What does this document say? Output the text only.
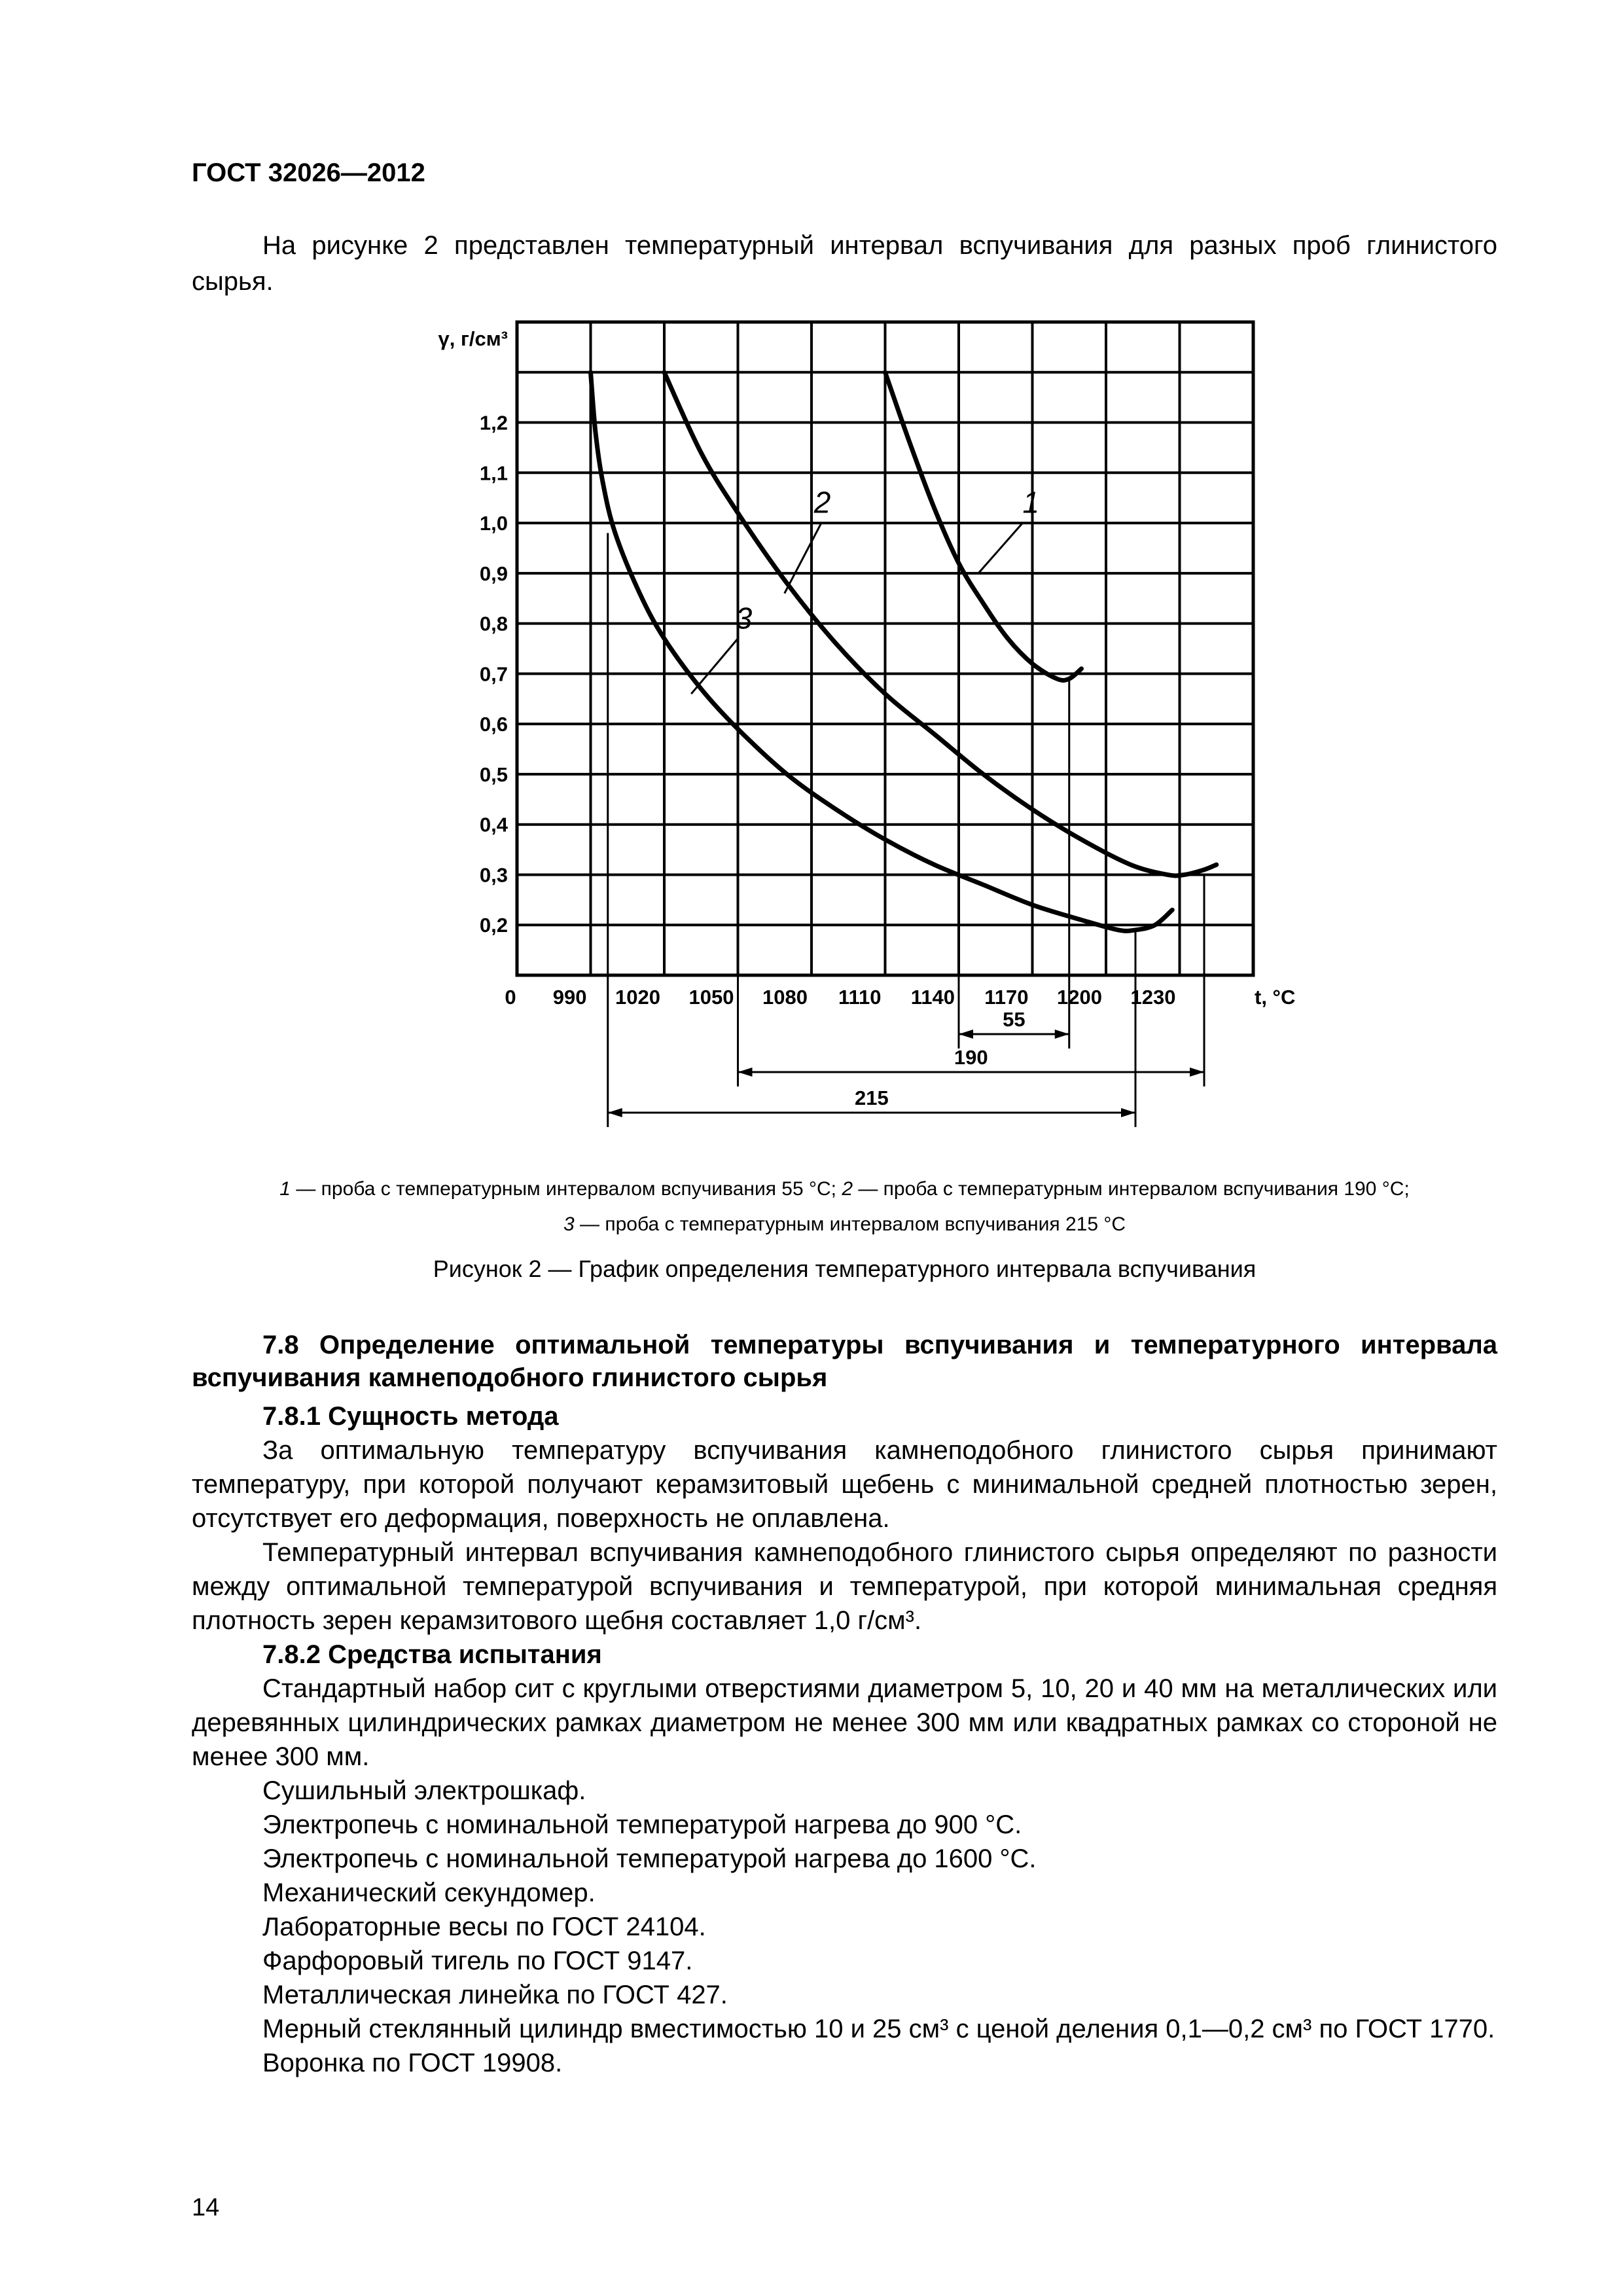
ГОСТ 32026—2012
На рисунке 2 представлен температурный интервал вспучивания для разных проб глинистого сырья.
55
190
215
0,2
0,3
0,4
0,5
0,6
0,7
0,8
0,9
1,0
1,1
1,2
990 1020 1050 1080 1110 1140 1170 1200 1230
0
γ, г/см³
t, °C
1
2
3
1 — проба с температурным интервалом вспучивания 55 °С; 2 — проба с температурным интервалом вспучивания 190 °С;
3 — проба с температурным интервалом вспучивания 215 °С
Рисунок 2 — График определения температурного интервала вспучивания

7.8 Определение оптимальной температуры вспучивания и температурного интервала вспучивания камнеподобного глинистого сырья

7.8.1 Сущность метода

За оптимальную температуру вспучивания камнеподобного глинистого сырья принимают температуру, при которой получают керамзитовый щебень с минимальной средней плотностью зерен, отсутствует его деформация, поверхность не оплавлена.

Температурный интервал вспучивания камнеподобного глинистого сырья определяют по разности между оптимальной температурой вспучивания и температурой, при которой минимальная средняя плотность зерен керамзитового щебня составляет 1,0 г/см³.

7.8.2 Средства испытания

Стандартный набор сит с круглыми отверстиями диаметром 5, 10, 20 и 40 мм на металлических или деревянных цилиндрических рамках диаметром не менее 300 мм или квадратных рамках со стороной не менее 300 мм.

Сушильный электрошкаф.

Электропечь с номинальной температурой нагрева до 900 °С.

Электропечь с номинальной температурой нагрева до 1600 °С.

Механический секундомер.

Лабораторные весы по ГОСТ 24104.

Фарфоровый тигель по ГОСТ 9147.

Металлическая линейка по ГОСТ 427.

Мерный стеклянный цилиндр вместимостью 10 и 25 см³ с ценой деления 0,1—0,2 см³ по ГОСТ 1770.

Воронка по ГОСТ 19908.

14
